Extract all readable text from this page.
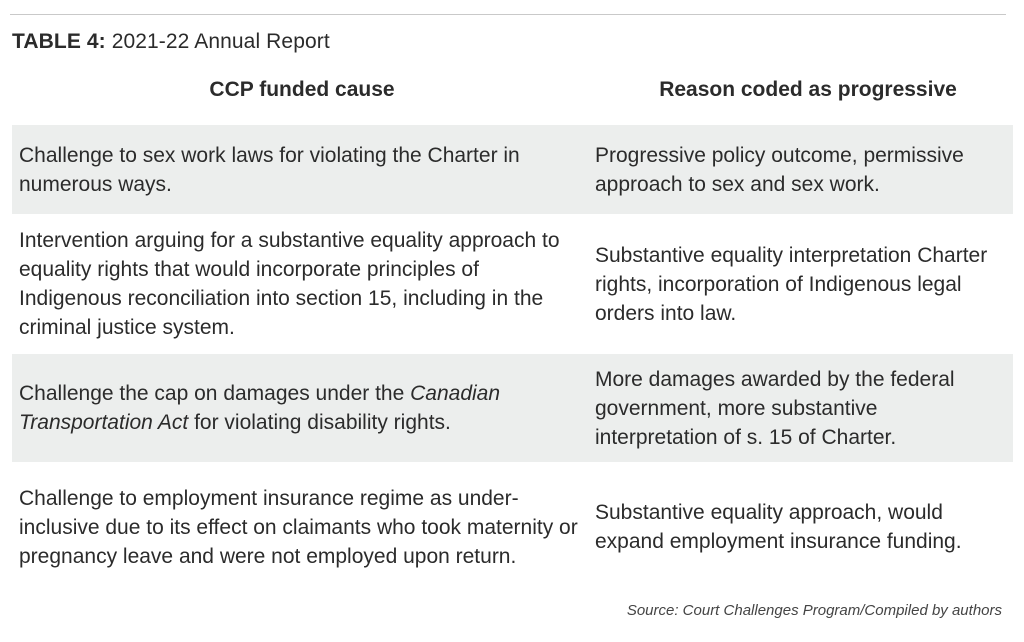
TABLE 4: 2021-22 Annual Report
CCP funded cause	Reason coded as progressive
Challenge to sex work laws for violating the Charter in numerous ways.
Progressive policy outcome, permissive approach to sex and sex work.
Intervention arguing for a substantive equality approach to equality rights that would incorporate principles of Indigenous reconciliation into section 15, including in the criminal justice system.
Substantive equality interpretation Charter rights, incorporation of Indigenous legal orders into law.
Challenge the cap on damages under the Canadian Transportation Act for violating disability rights.
More damages awarded by the federal government, more substantive interpretation of s. 15 of Charter.
Challenge to employment insurance regime as under-inclusive due to its effect on claimants who took maternity or pregnancy leave and were not employed upon return.
Substantive equality approach, would expand employment insurance funding.
Source: Court Challenges Program/Compiled by authors
